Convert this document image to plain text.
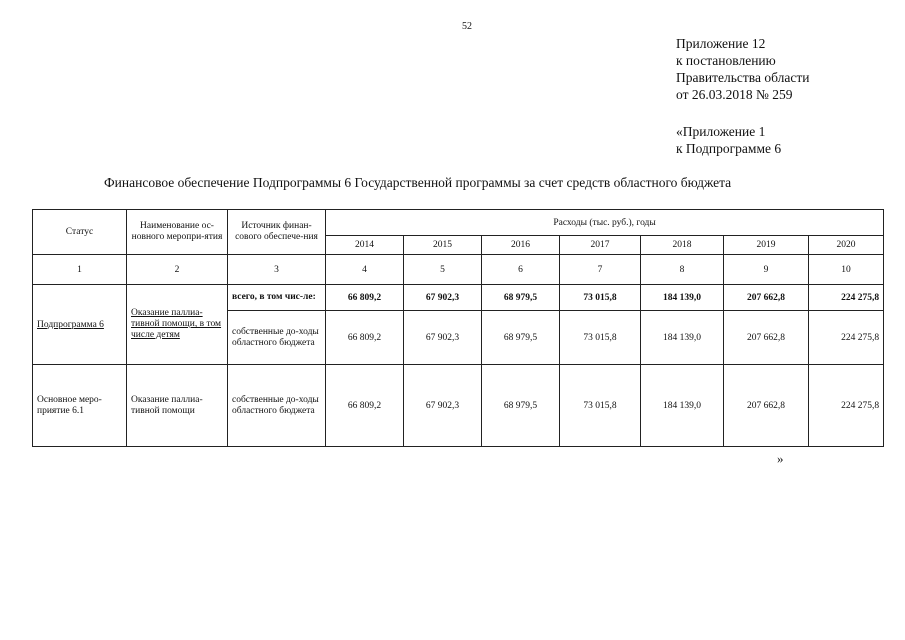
52
Приложение 12
к постановлению
Правительства области
от 26.03.2018 № 259
«Приложение 1
к Подпрограмме 6
Финансовое обеспечение Подпрограммы 6 Государственной программы за счет средств областного бюджета
Статус	Наименование ос-новного меропри-ятия	Источник финан-сового обеспече-ния	Расходы (тыс. руб.), годы						
			2014	2015	2016	2017	2018	2019	2020
1	2	3	4	5	6	7	8	9	10
Подпрограмма 6	Оказание паллиа-тивной помощи, в том числе детям	всего, в том чис-ле:	66 809,2	67 902,3	68 979,5	73 015,8	184 139,0	207 662,8	224 275,8
		собственные до-ходы областного бюджета	66 809,2	67 902,3	68 979,5	73 015,8	184 139,0	207 662,8	224 275,8
Основное меро-приятие 6.1	Оказание паллиа-тивной помощи	собственные до-ходы областного бюджета	66 809,2	67 902,3	68 979,5	73 015,8	184 139,0	207 662,8	224 275,8
»
